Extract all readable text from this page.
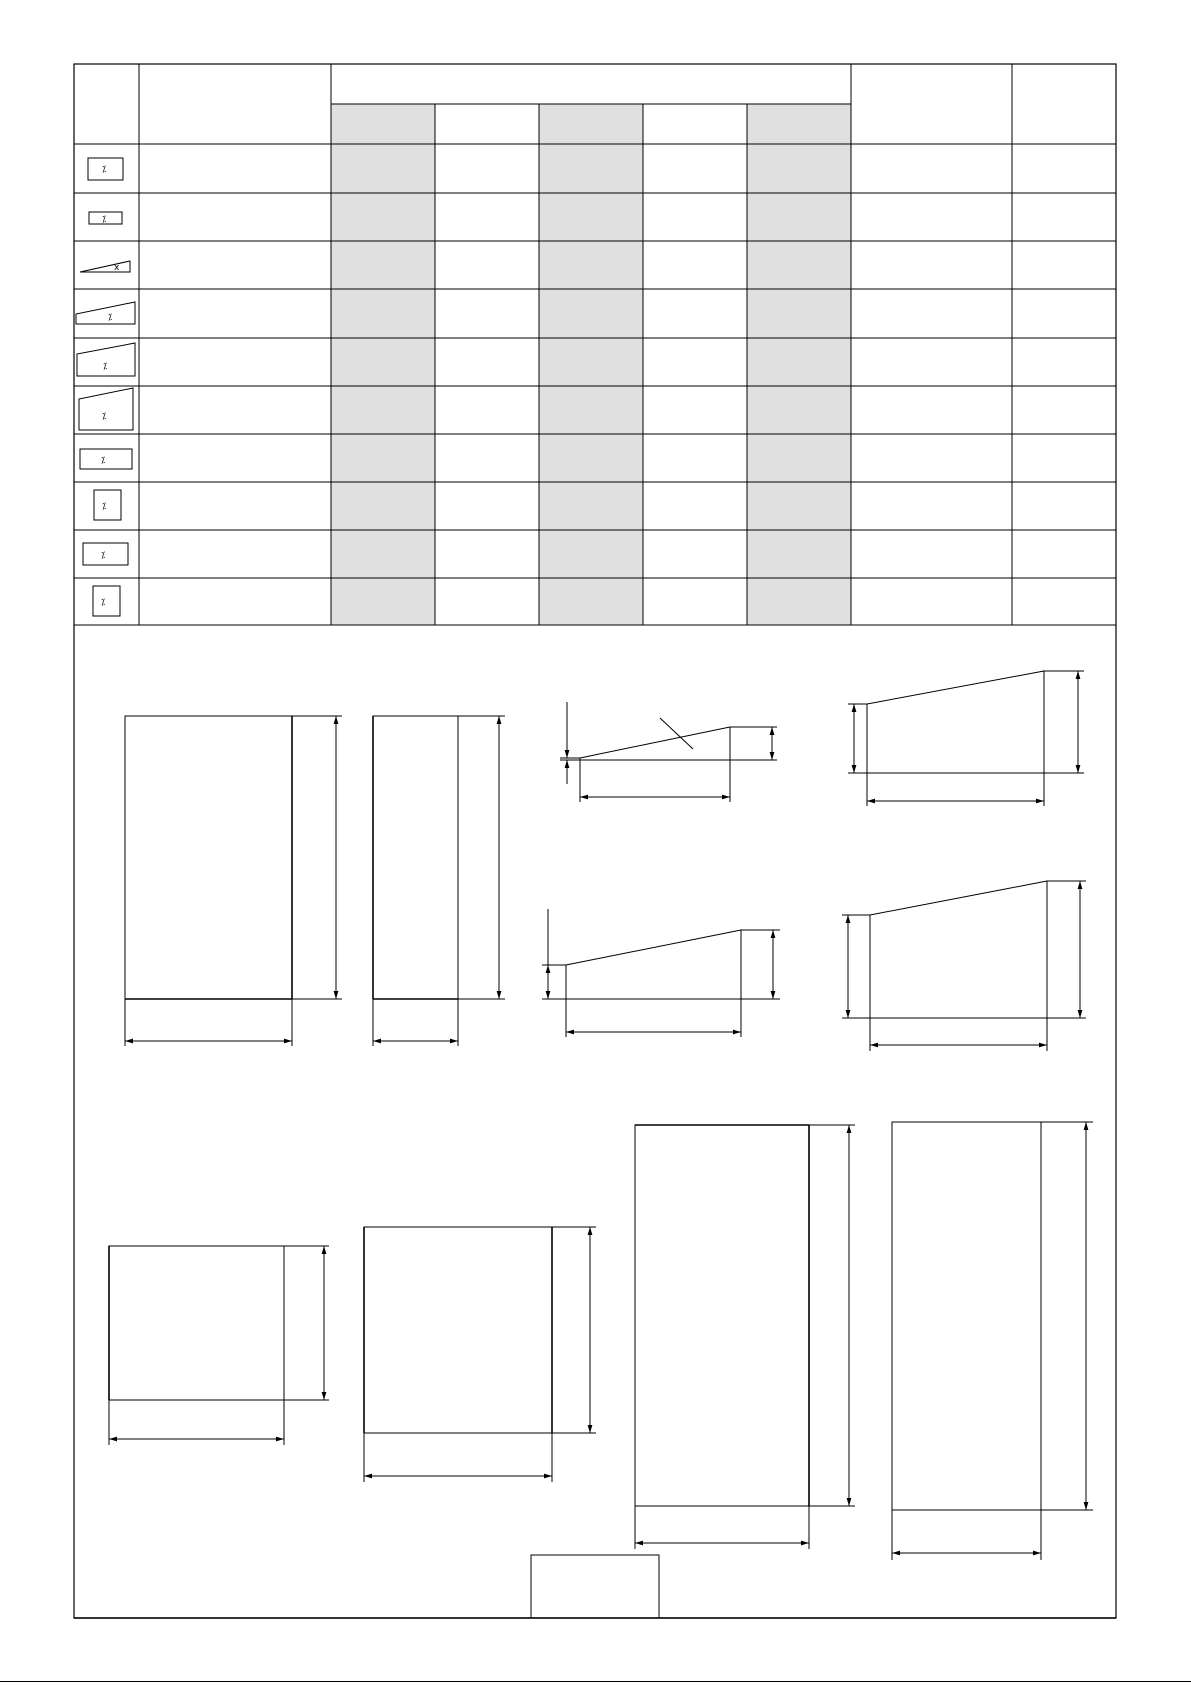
⁒
⁒
x
⁒
⁒
⁒
⁒
⁒
⁒
⁒
